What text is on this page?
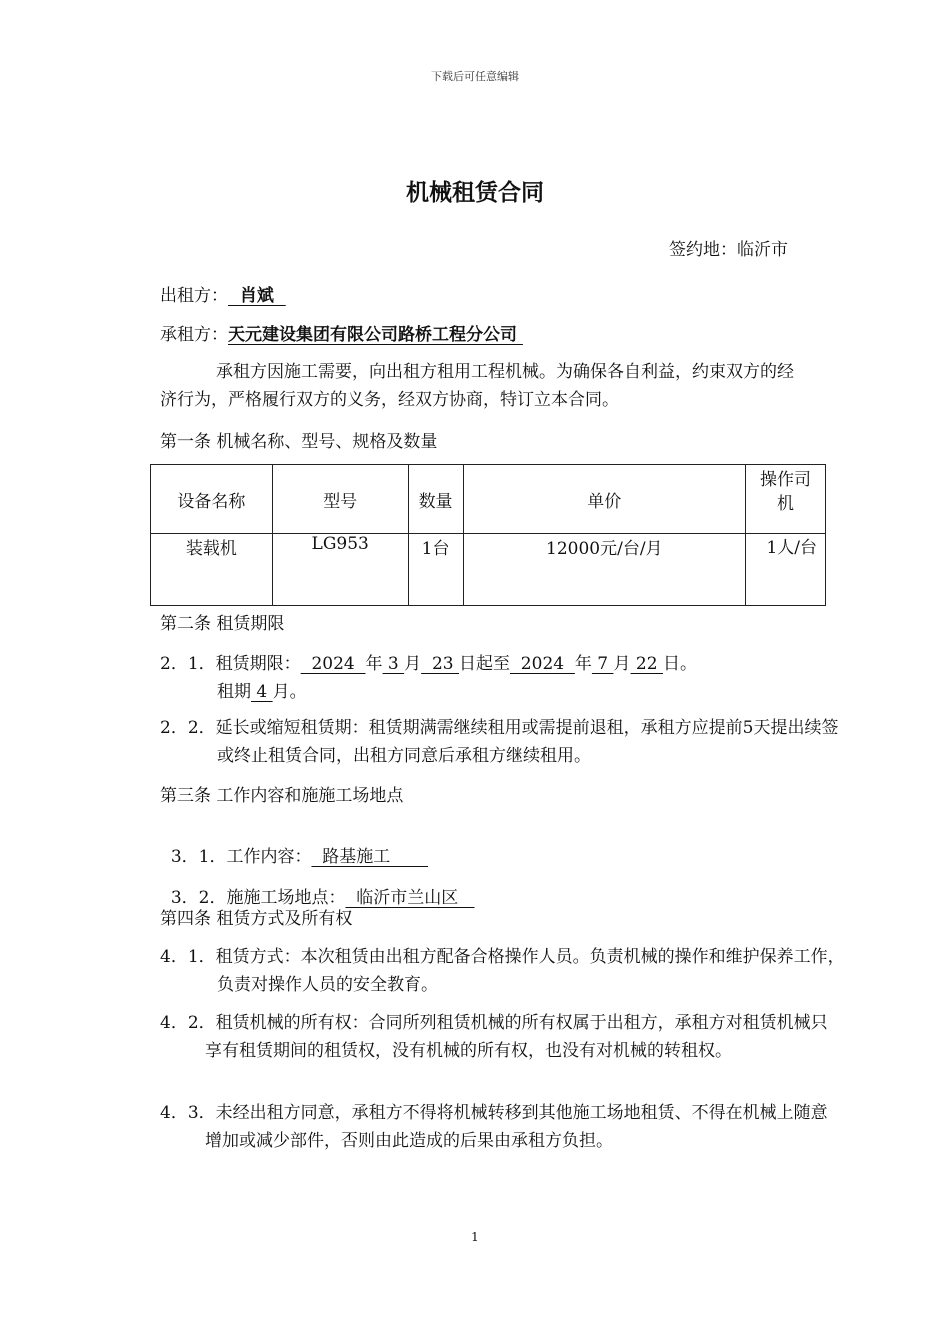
下载后可任意编辑
机械租赁合同
签约地：临沂市
出租方：  肖斌
承租方：天元建设集团有限公司路桥工程分公司
承租方因施工需要，向出租方租用工程机械。为确保各自利益，约束双方的经济行为，严格履行双方的义务，经双方协商，特订立本合同。
第一条 机械名称、型号、规格及数量
设备名称	型号	数量	单价	操作司机
装载机	LG953	1台	12000元/台/月	1人/台
第二条 租赁期限
2．1．租赁期限：  2024  年 3 月  23 日起至  2024  年 7 月 22 日。
租期 4 月。
2．2．延长或缩短租赁期：租赁期满需继续租用或需提前退租，承租方应提前5天提出续签或终止租赁合同，出租方同意后承租方继续租用。
第三条 工作内容和施施工场地点

3．1．工作内容：  路基施工

3．2．施施工场地点：  临沂市兰山区

第四条 租赁方式及所有权
4．1．租赁方式：本次租赁由出租方配备合格操作人员。负责机械的操作和维护保养工作，负责对操作人员的安全教育。
4．2．租赁机械的所有权：合同所列租赁机械的所有权属于出租方，承租方对租赁机械只享有租赁期间的租赁权，没有机械的所有权，也没有对机械的转租权。
4．3．未经出租方同意，承租方不得将机械转移到其他施工场地租赁、不得在机械上随意增加或减少部件，否则由此造成的后果由承租方负担。
1
